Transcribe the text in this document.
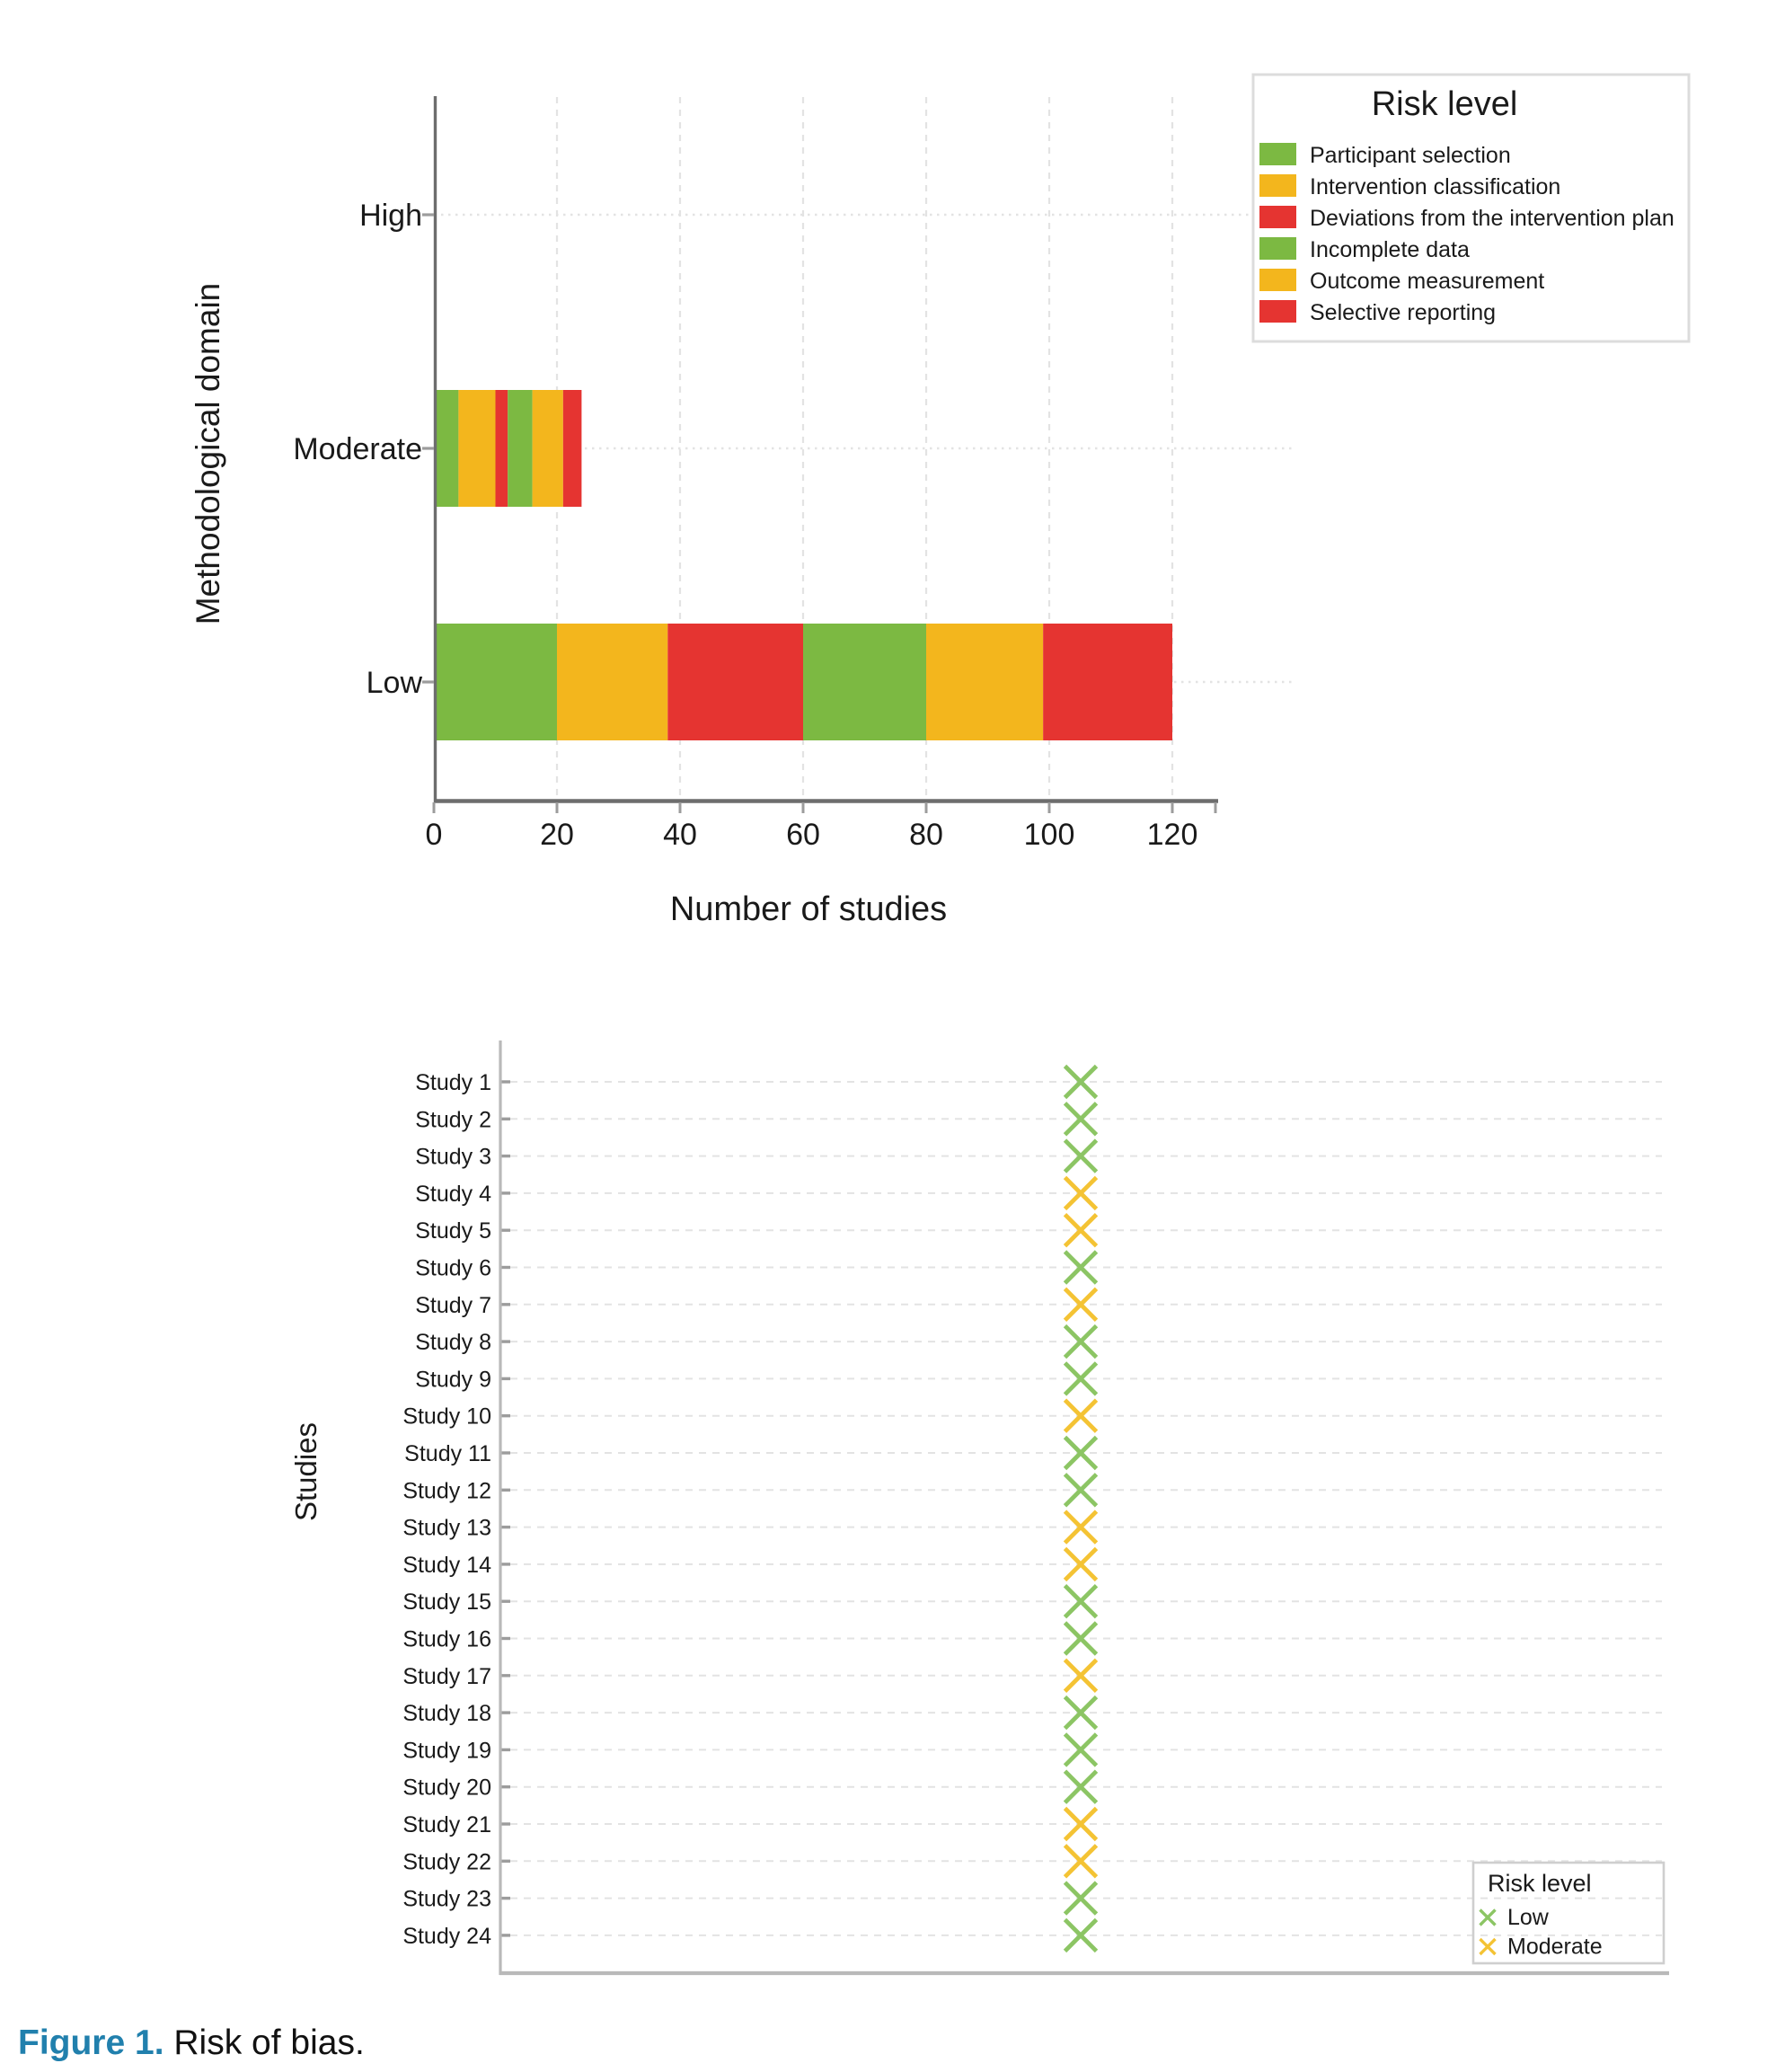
High
Moderate
Low
0	20	40	60	80	100 120
Number of studies
Methodological domain
Risk level
Participant selection
Intervention classification
Deviations from the intervention plan
Incomplete data
Outcome measurement
Selective reporting
Study 1
Study 2
Study 3
Study 4
Study 5
Study 6
Study 7
Study 8
Study 9
Study 10
Study 11
Study 12
Study 13
Study 14
Study 15
Study 16
Study 17
Study 18
Study 19
Study 20
Study 21
Study 22
Study 23
Study 24
Studies
Risk level
Low
Moderate
Figure 1. Risk of bias.
